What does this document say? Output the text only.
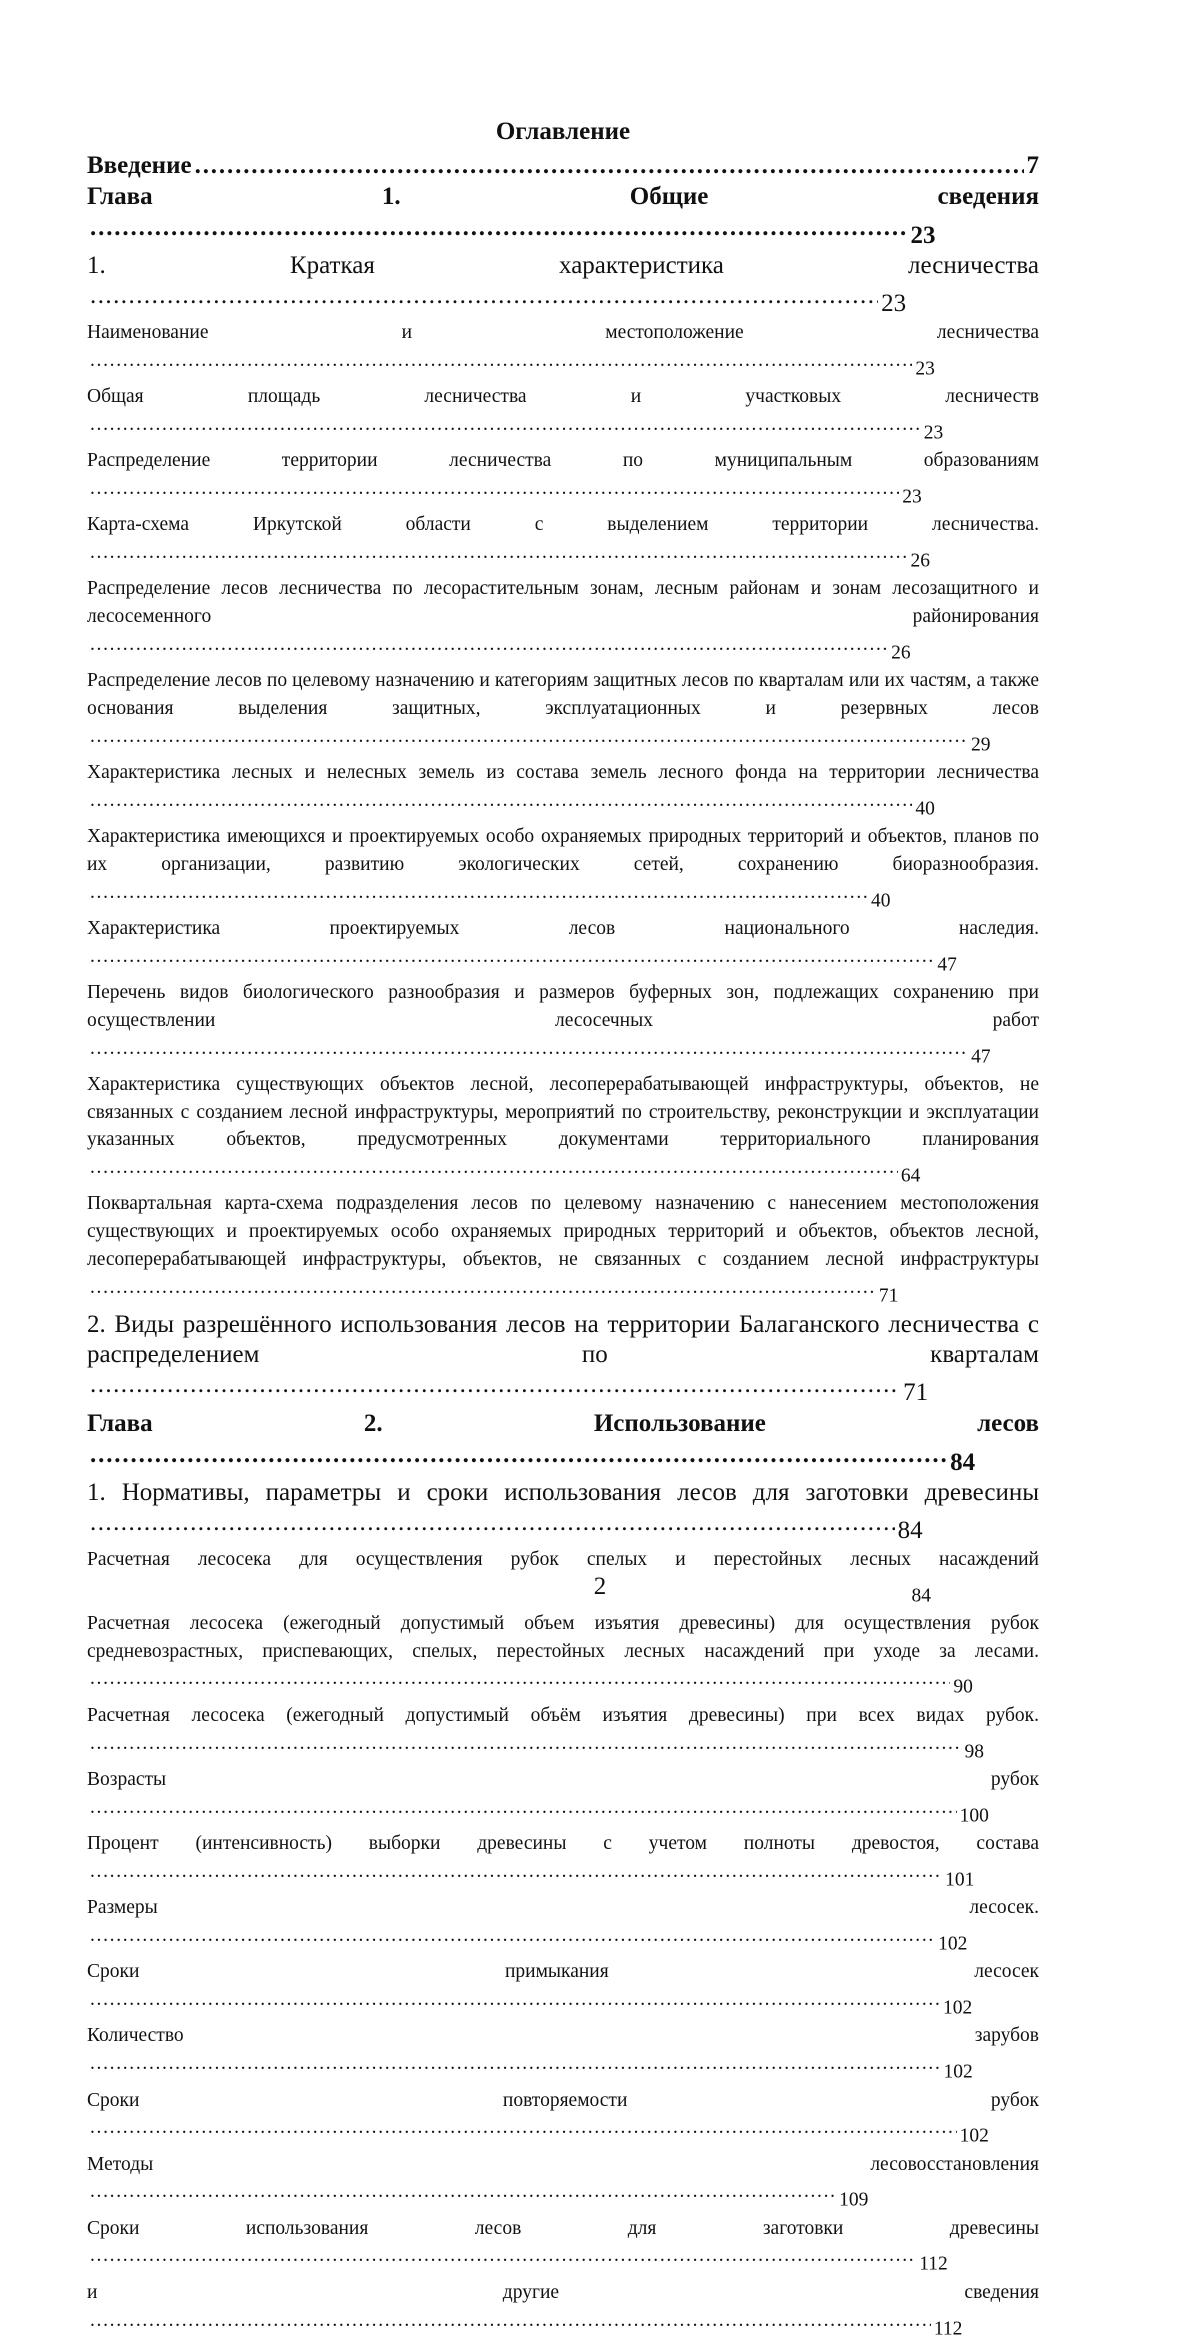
Оглавление
Введение . . .	7
Глава 1. Общие сведения. . .23
1. Краткая характеристика лесничества. . .23
Наименование и местоположение лесничества. . .23
Общая площадь лесничества и участковых лесничеств. . .23
Распределение территории лесничества по муниципальным образованиям. . .23
Карта-схема Иркутской области с выделением территории лесничества.. . .26
Распределение лесов лесничества по лесорастительным зонам, лесным районам и зонам лесозащитного и лесосеменного районирования. . .26
Распределение лесов по целевому назначению и категориям защитных лесов по кварталам или их частям, а также основания выделения защитных, эксплуатационных и резервных лесов. . .29
Характеристика лесных и нелесных земель из состава земель лесного фонда на территории лесничества. . .40
Характеристика имеющихся и проектируемых особо охраняемых природных территорий и объектов, планов по их организации, развитию экологических сетей, сохранению биоразнообразия.. . .40
Характеристика проектируемых лесов национального наследия.. . .47
Перечень видов биологического разнообразия и размеров буферных зон, подлежащих сохранению при осуществлении лесосечных работ. . .47
Характеристика существующих объектов лесной, лесоперерабатывающей инфраструктуры, объектов, не связанных с созданием лесной инфраструктуры, мероприятий по строительству, реконструкции и эксплуатации указанных объектов, предусмотренных документами территориального планирования. . .64
Поквартальная карта-схема подразделения лесов по целевому назначению с нанесением местоположения существующих и проектируемых особо охраняемых природных территорий и объектов, объектов лесной, лесоперерабатывающей инфраструктуры, объектов, не связанных с созданием лесной инфраструктуры. . .71
2. Виды разрешённого использования лесов на территории Балаганского лесничества с распределением по кварталам. . .71
Глава 2. Использование лесов. . .84
1. Нормативы, параметры и сроки использования лесов для заготовки древесины. . .84
Расчетная лесосека для осуществления рубок спелых и перестойных лесных насаждений84
Расчетная лесосека (ежегодный допустимый объем изъятия древесины) для осуществления рубок средневозрастных, приспевающих, спелых, перестойных лесных насаждений при уходе за лесами.. . .90
Расчетная лесосека (ежегодный допустимый объём изъятия древесины) при всех видах рубок.. . .98
Возрасты рубок. . .100
Процент (интенсивность) выборки древесины с учетом полноты древостоя, состава. . .101
Размеры лесосек.. . .102
Сроки примыкания лесосек. . .102
Количество зарубов. . .102
Сроки повторяемости рубок. . .102
Методы лесовосстановления. . .109
Сроки использования лесов для заготовки древесины. . .112
и другие сведения. . .112
2
